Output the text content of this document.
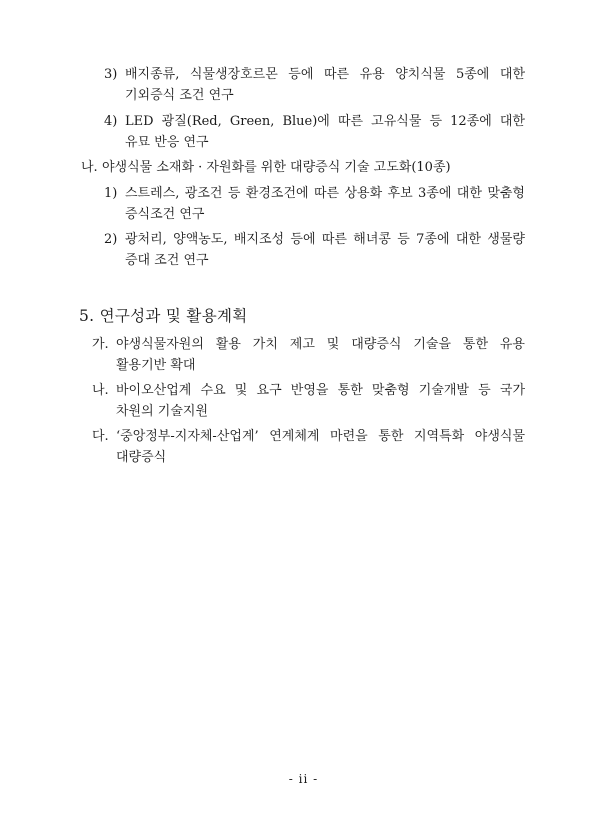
3) 배지종류, 식물생장호르몬 등에 따른 유용 양치식물 5종에 대한
기외증식 조건 연구
4) LED 광질(Red, Green, Blue)에 따른 고유식물 등 12종에 대한
유묘 반응 연구
나. 야생식물 소재화 · 자원화를 위한 대량증식 기술 고도화(10종)
1) 스트레스, 광조건 등 환경조건에 따른 상용화 후보 3종에 대한 맞춤형
증식조건 연구
2) 광처리, 양액농도, 배지조성 등에 따른 해녀콩 등 7종에 대한 생물량
증대 조건 연구
5. 연구성과 및 활용계획
가. 야생식물자원의 활용 가치 제고 및 대량증식 기술을 통한 유용
활용기반 확대
나. 바이오산업계 수요 및 요구 반영을 통한 맞춤형 기술개발 등 국가
차원의 기술지원
다. ‘중앙정부-지자체-산업계’ 연계체계 마련을 통한 지역특화 야생식물
대량증식
- ii -
